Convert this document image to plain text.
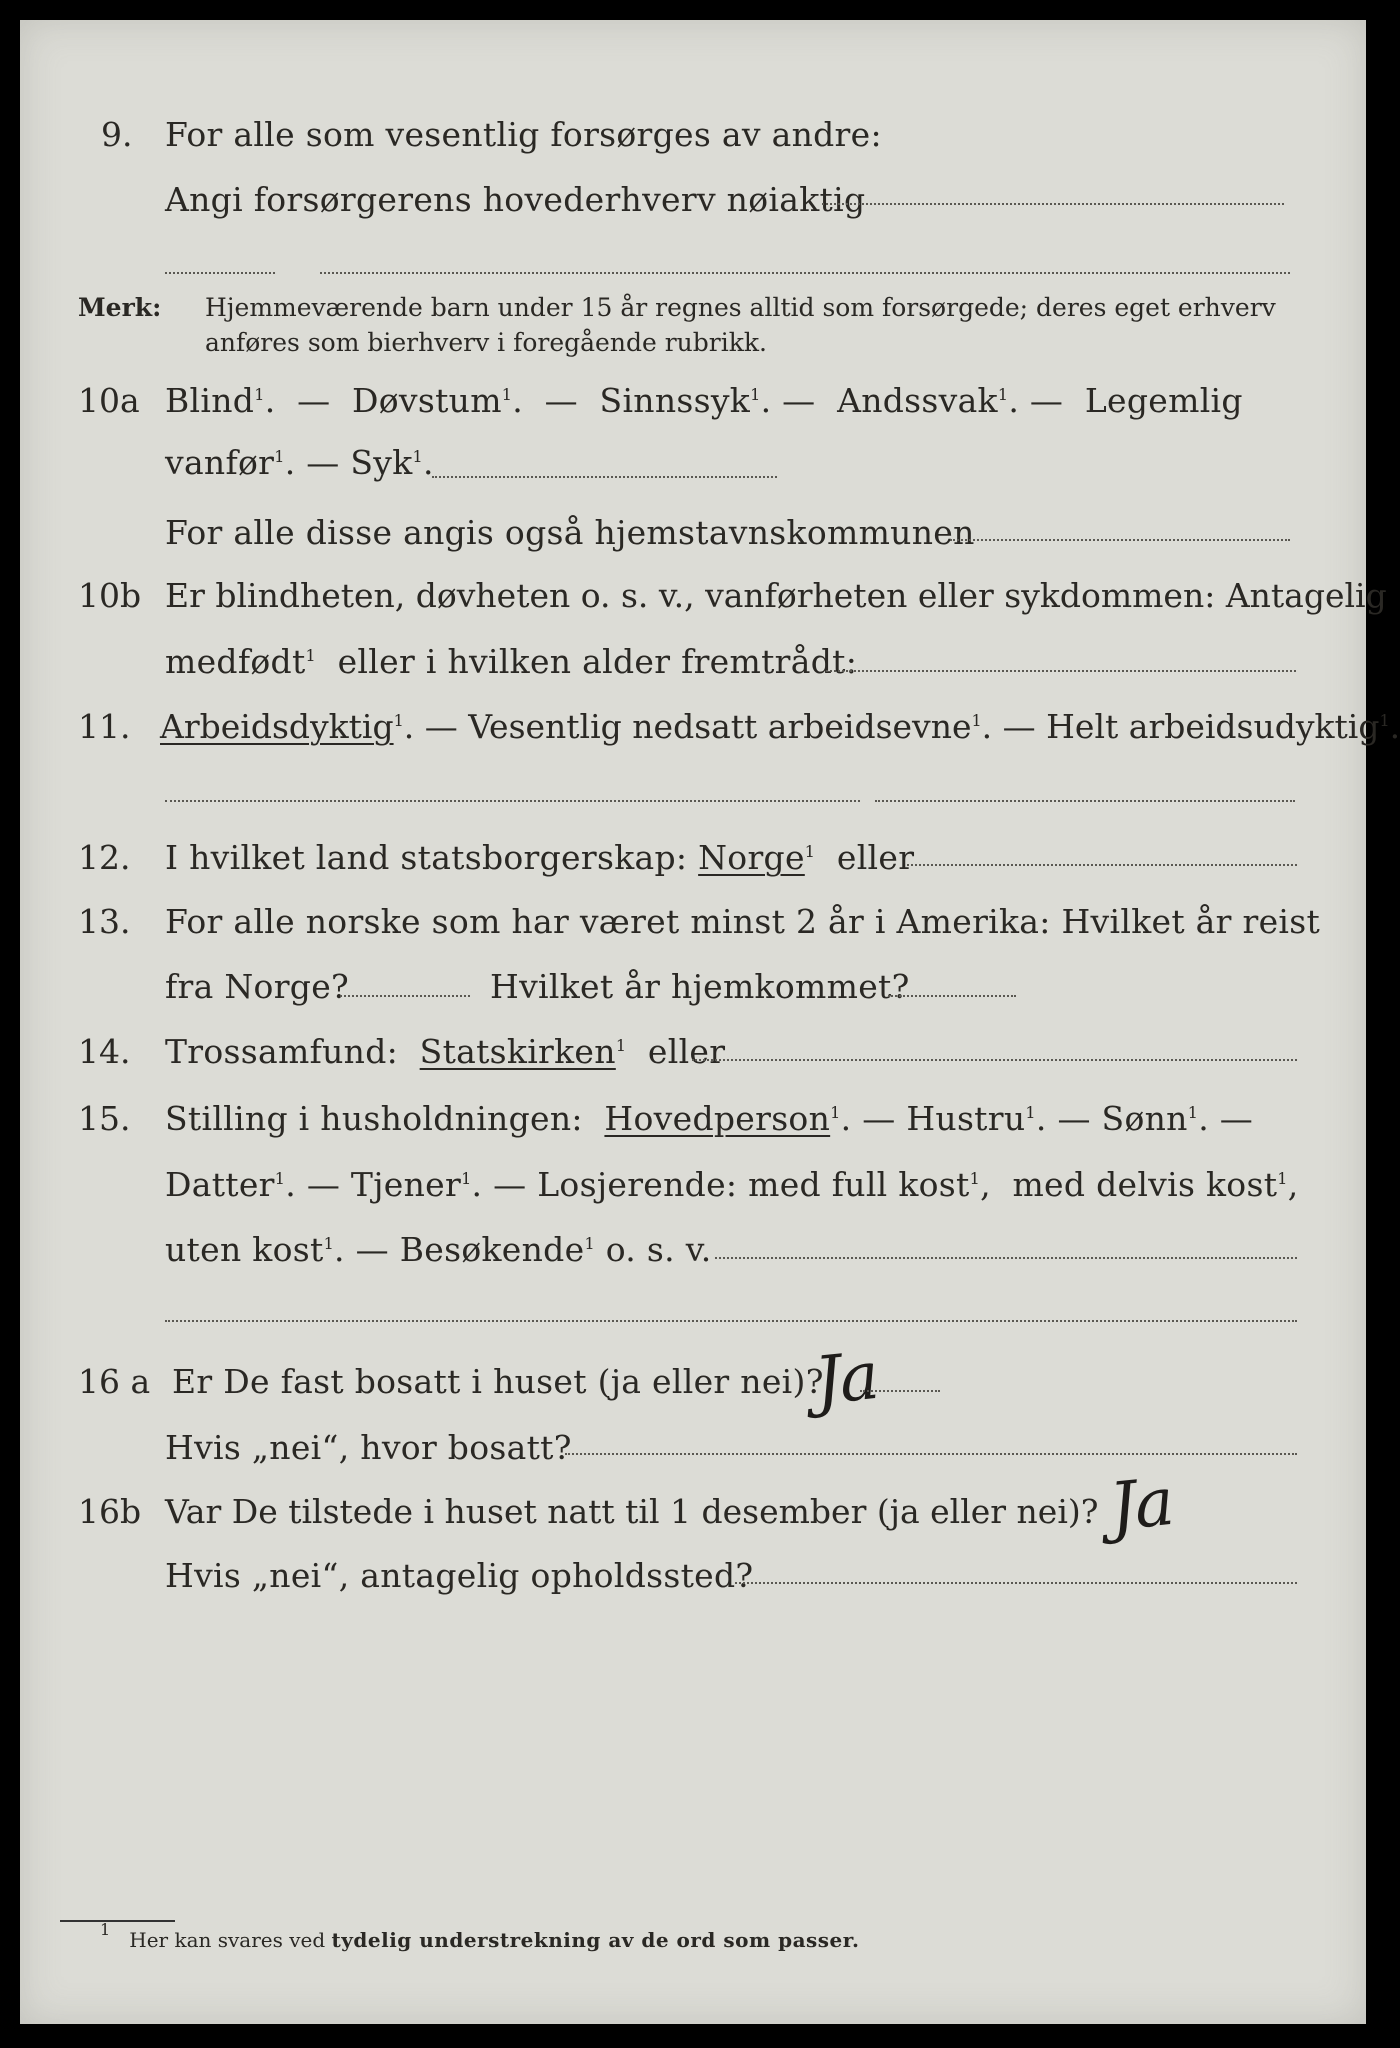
9. For alle som vesentlig forsørges av andre:
Angi forsørgerens hovederhverv nøiaktig
Merk: Hjemmeværende barn under 15 år regnes alltid som forsørgede; deres eget erhverv
anføres som bierhverv i foregående rubrikk.
10a Blind$^1$.  —  Døvstum$^1$.  —  Sinnssyk$^1$. —  Andssvak$^1$. —  Legemlig
vanfør$^1$. — Syk$^1$.
For alle disse angis også hjemstavnskommunen
10b Er blindheten, døvheten o. s. v., vanførheten eller sykdommen: Antagelig
medfødt$^1$ eller i hvilken alder fremtrådt:
11. Arbeidsdyktig$^1$. — Vesentlig nedsatt arbeidsevne$^1$. — Helt arbeidsudyktig$^1$.
12. I hvilket land statsborgerskap: Norge$^1$ eller
13. For alle norske som har været minst 2 år i Amerika: Hvilket år reist
fra Norge?	Hvilket år hjemkommet?
14. Trossamfund: Statskirken$^1$ eller
15. Stilling i husholdningen: Hovedperson$^1$. — Hustru$^1$. — Sønn$^1$. —
Datter$^1$. — Tjener$^1$. — Losjerende: med full kost$^1$,  med delvis kost$^1$,
uten kost$^1$. — Besøkende$^1$ o. s. v.
16 a Er De fast bosatt i huset (ja eller nei)?
Ja
Hvis „nei“, hvor bosatt?
16b Var De tilstede i huset natt til 1 desember (ja eller nei)? Ja
Hvis „nei“, antagelig opholdssted?
$^1$ Her kan svares ved tydelig understrekning av de ord som passer.
